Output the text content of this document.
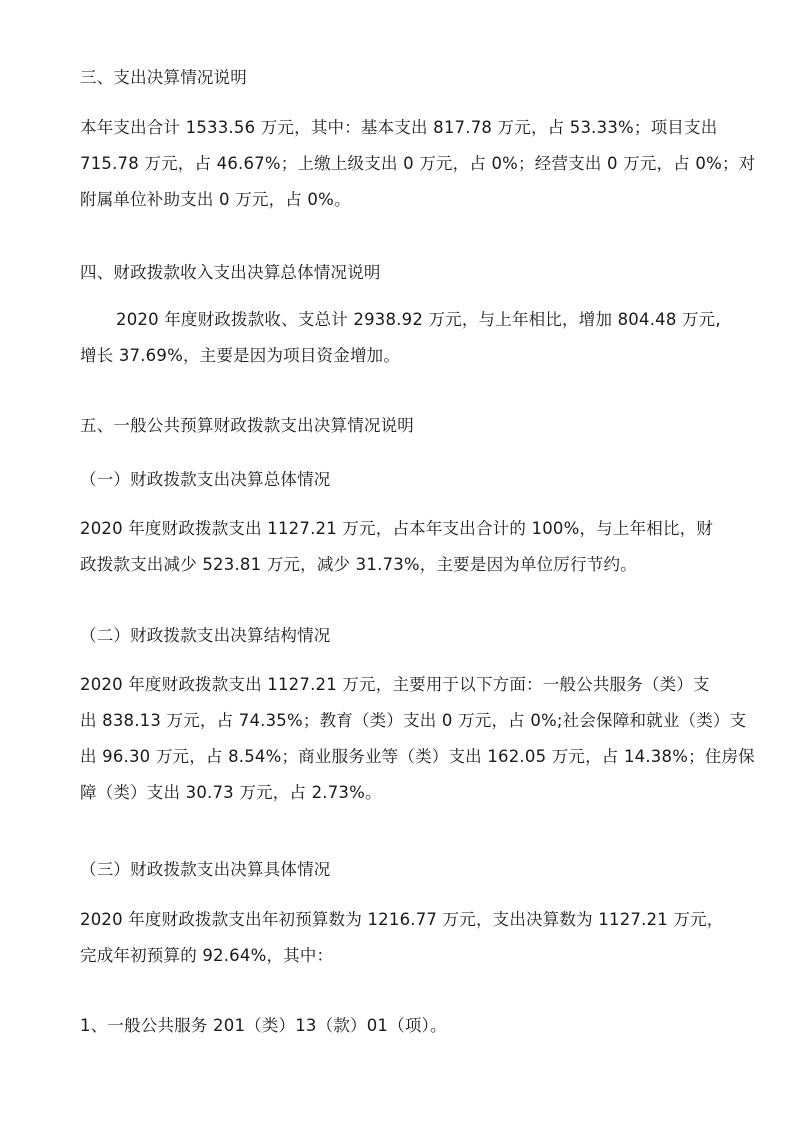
三、支出决算情况说明
本年支出合计 1533.56 万元，其中：基本支出 817.78 万元，占 53.33%；项目支出
715.78 万元，占 46.67%；上缴上级支出 0 万元，占 0%；经营支出 0 万元，占 0%；对
附属单位补助支出 0 万元，占 0%。
四、财政拨款收入支出决算总体情况说明
2020 年度财政拨款收、支总计 2938.92 万元，与上年相比，增加 804.48 万元,
增长 37.69%，主要是因为项目资金增加。
五、一般公共预算财政拨款支出决算情况说明
（一）财政拨款支出决算总体情况
2020 年度财政拨款支出 1127.21 万元，占本年支出合计的 100%，与上年相比，财
政拨款支出减少 523.81 万元，减少 31.73%，主要是因为单位厉行节约。
（二）财政拨款支出决算结构情况
2020 年度财政拨款支出 1127.21 万元，主要用于以下方面：一般公共服务（类）支
出 838.13 万元，占 74.35%；教育（类）支出 0 万元，占 0%;社会保障和就业（类）支
出 96.30 万元，占 8.54%；商业服务业等（类）支出 162.05 万元，占 14.38%；住房保
障（类）支出 30.73 万元，占 2.73%。
（三）财政拨款支出决算具体情况
2020 年度财政拨款支出年初预算数为 1216.77 万元，支出决算数为 1127.21 万元，
完成年初预算的 92.64%，其中：
1、一般公共服务 201（类）13（款）01（项）。
